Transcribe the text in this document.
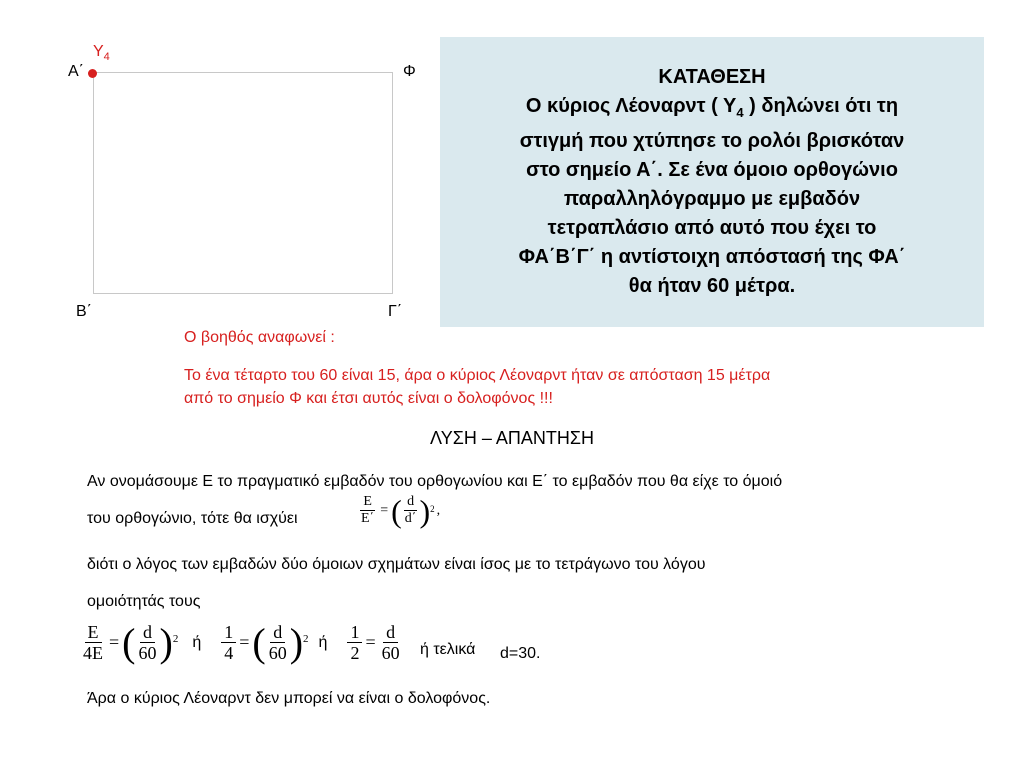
$\Upsilon_4$
Α΄	Φ
Β΄	Γ΄
ΚΑΤΑΘΕΣΗ
Ο κύριος Λέοναρντ ( $\Upsilon_4$ ) δηλώνει ότι τη
στιγμή που χτύπησε το ρολόι βρισκόταν
στο σημείο Α΄. Σε ένα όμοιο ορθογώνιο
παραλληλόγραμμο με εμβαδόν
τετραπλάσιο από αυτό που έχει το
ΦΑ΄Β΄Γ΄ η αντίστοιχη απόστασή της ΦΑ΄
θα ήταν 60 μέτρα.
Ο βοηθός αναφωνεί :
Το ένα τέταρτο του 60 είναι 15, άρα ο κύριος Λέοναρντ ήταν σε απόσταση 15 μέτρα
από το σημείο Φ και έτσι αυτός είναι ο δολοφόνος !!!
ΛΥΣΗ – ΑΠΑΝΤΗΣΗ
Αν ονομάσουμε Ε το πραγματικό εμβαδόν του ορθογωνίου και Ε΄ το εμβαδόν που θα είχε το όμοιό
του ορθογώνιο, τότε θα ισχύει	$\frac{E}{E΄}$ = ( d
d΄ ) 2 ,
διότι ο λόγος των εμβαδών δύο όμοιων σχημάτων είναι ίσος με το τετράγωνο του λόγου
ομοιότητάς τους
$\frac{E}{4E}$ = ( d
60 ) 2 ή $\frac{1}{4}$ = ( d
60 ) 2 ή $\frac{1}{2} = \frac{d}{60}$ ή τελικά d=30.
Άρα ο κύριος Λέοναρντ δεν μπορεί να είναι ο δολοφόνος.
